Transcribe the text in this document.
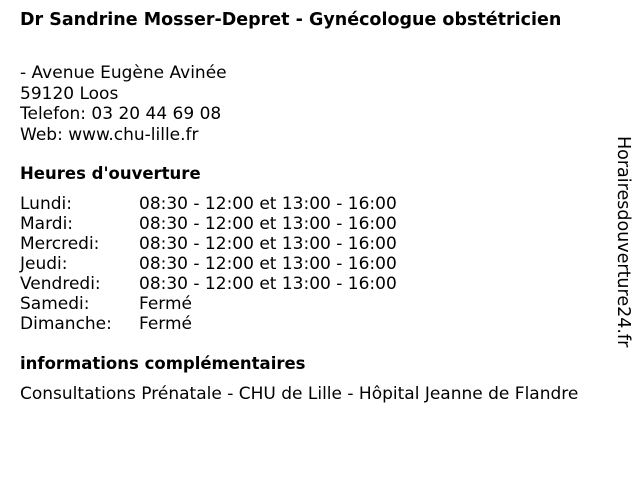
Dr Sandrine Mosser-Depret - Gynécologue obstétricien
- Avenue Eugène Avinée
59120 Loos
Telefon: 03 20 44 69 08
Web: www.chu-lille.fr
Heures d'ouverture
Lundi:	08:30 - 12:00 et 13:00 - 16:00
Mardi:	08:30 - 12:00 et 13:00 - 16:00
Mercredi: 08:30 - 12:00 et 13:00 - 16:00
Jeudi:	08:30 - 12:00 et 13:00 - 16:00
Vendredi: 08:30 - 12:00 et 13:00 - 16:00
Samedi:	Fermé
Dimanche: Fermé
informations complémentaires
Consultations Prénatale - CHU de Lille - Hôpital Jeanne de Flandre
Horairesdouverture24.fr
